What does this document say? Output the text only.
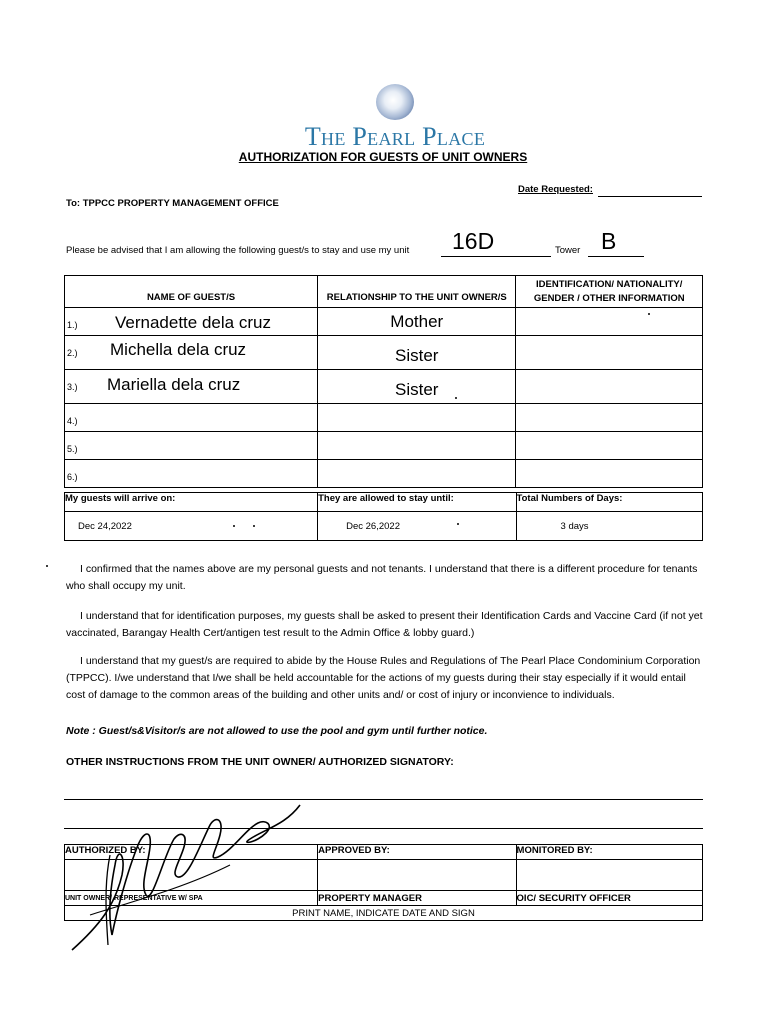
The Pearl Place
AUTHORIZATION FOR GUESTS OF UNIT OWNERS
Date Requested:
To: TPPCC PROPERTY MANAGEMENT OFFICE
Please be advised that I am allowing the following guest/s to stay and use my unit 16D	Tower B
NAME OF GUEST/S	RELATIONSHIP TO THE UNIT OWNER/S	IDENTIFICATION/ NATIONALITY/ GENDER / OTHER INFORMATION

1.) Vernadette dela cruz	Mother	

2.) Michella dela cruz	Sister	

3.) Mariella dela cruz	Sister	

4.)		

5.)		

6.)		

My guests will arrive on:	They are allowed to stay until:	Total Numbers of Days:
Dec 24,2022	Dec 26,2022	3 days
I confirmed that the names above are my personal guests and not tenants. I understand that there is a different procedure for tenants who shall occupy my unit.
I understand that for identification purposes, my guests shall be asked to present their Identification Cards and Vaccine Card (if not yet vaccinated, Barangay Health Cert/antigen test result to the Admin Office & lobby guard.)
I understand that my guest/s are required to abide by the House Rules and Regulations of The Pearl Place Condominium Corporation (TPPCC). I/we understand that I/we shall be held accountable for the actions of my guests during their stay especially if it would entail cost of damage to the common areas of the building and other units and/ or cost of injury or inconvience to individuals.
Note : Guest/s&Visitor/s are not allowed to use the pool and gym until further notice.
OTHER INSTRUCTIONS FROM THE UNIT OWNER/ AUTHORIZED SIGNATORY:
AUTHORIZED BY:	APPROVED BY:	MONITORED BY:

UNIT OWNER/ REPRESENTATIVE W/ SPA	PROPERTY MANAGER	OIC/ SECURITY OFFICER
PRINT NAME, INDICATE DATE AND SIGN		
